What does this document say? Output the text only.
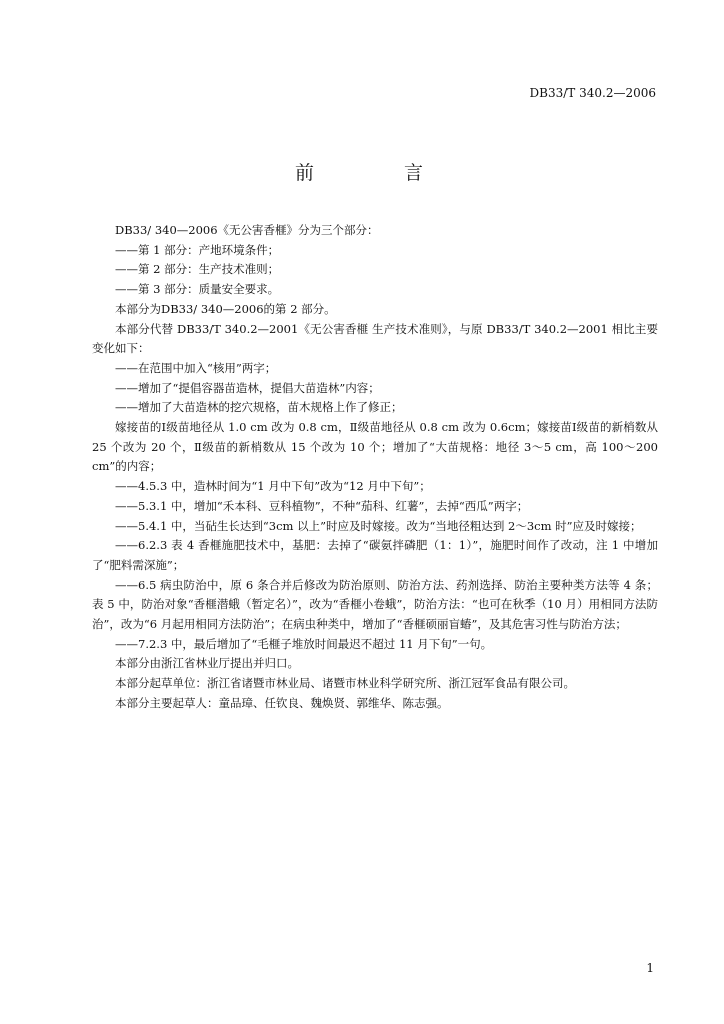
DB33/T 340.2—2006
前 言

DB33/ 340—2006《无公害香榧》分为三个部分：

——第 1 部分：产地环境条件；

——第 2 部分：生产技术准则；

——第 3 部分：质量安全要求。

本部分为DB33/ 340—2006的第 2 部分。

本部分代替 DB33/T 340.2—2001《无公害香榧 生产技术准则》，与原 DB33/T 340.2—2001 相比主要变化如下：

——在范围中加入“核用”两字；

——增加了“提倡容器苗造林，提倡大苗造林”内容；

——增加了大苗造林的挖穴规格，苗木规格上作了修正；

嫁接苗的Ⅰ级苗地径从 1.0 cm 改为 0.8 cm，Ⅱ级苗地径从 0.8 cm 改为 0.6cm；嫁接苗Ⅰ级苗的新梢数从 25 个改为 20 个，Ⅱ级苗的新梢数从 15 个改为 10 个；增加了“大苗规格：地径 3～5 cm，高 100～200 cm”的内容；

——4.5.3 中，造林时间为“1 月中下旬”改为“12 月中下旬”；

——5.3.1 中，增加“禾本科、豆科植物”，不种“茄科、红薯”，去掉“西瓜”两字；

——5.4.1 中，当砧生长达到“3cm 以上”时应及时嫁接。改为“当地径粗达到 2～3cm 时”应及时嫁接；

——6.2.3 表 4 香榧施肥技术中，基肥：去掉了“碳氨拌磷肥（1：1）”，施肥时间作了改动，注 1 中增加了“肥料需深施”；

——6.5 病虫防治中，原 6 条合并后修改为防治原则、防治方法、药剂选择、防治主要种类方法等 4 条；表 5 中，防治对象“香榧潜蛾（暂定名）”，改为“香榧小卷蛾”，防治方法：“也可在秋季（10 月）用相同方法防治”，改为“6 月起用相同方法防治”；在病虫种类中，增加了“香榧硕丽盲蝽”，及其危害习性与防治方法；

——7.2.3 中，最后增加了“毛榧子堆放时间最迟不超过 11 月下旬”一句。

本部分由浙江省林业厅提出并归口。

本部分起草单位：浙江省诸暨市林业局、诸暨市林业科学研究所、浙江冠军食品有限公司。

本部分主要起草人：童品璋、任钦良、魏焕贤、郭维华、陈志强。

1
